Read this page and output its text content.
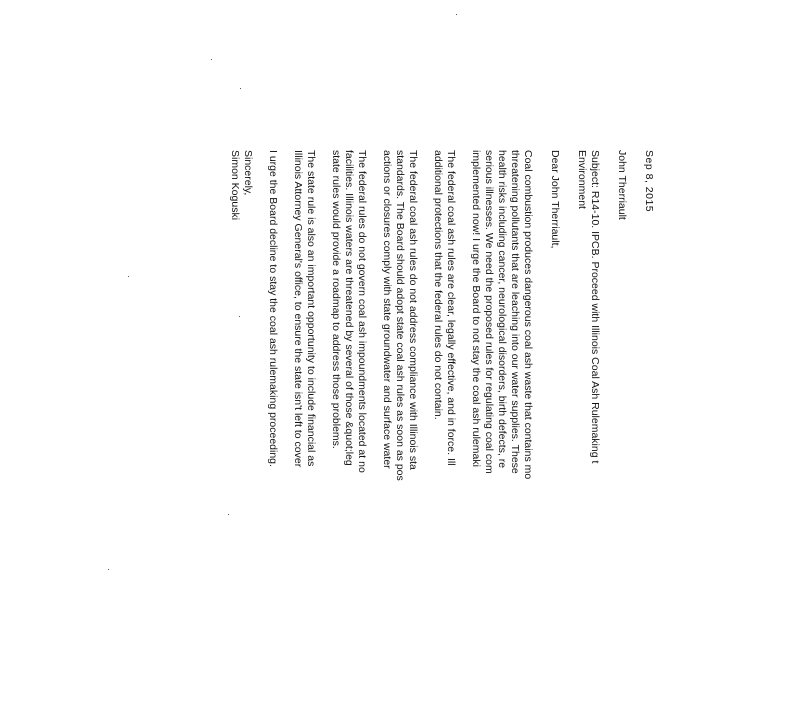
Sep 8, 2015

John Therriault

Subject: R14-10. IPCB. Proceed with Illinois Coal Ash Rulemaking t

Environment

Dear John Therriault,

Coal combustion produces dangerous coal ash waste that contains mo

threatening pollutants that are leaching into our water supplies. These

health risks including cancer, neurological disorders, birth defects, re

serious illnesses. We need the proposed rules for regulating coal com

implemented now! I urge the Board to not stay the coal ash rulemaki

The federal coal ash rules are clear, legally effective, and in force. Ill

additional protections that the federal rules do not contain.

The federal coal ash rules do not address compliance with Illinois sta

standards. The Board should adopt state coal ash rules as soon as pos

actions or closures comply with state groundwater and surface water

The federal rules do not govern coal ash impoundments located at no

facilities. Illinois waters are threatened by several of those &quot;leg

state rules would provide a roadmap to address those problems.

The state rule is also an important opportunity to include financial as

Illinois Attorney General's office, to ensure the state isn't left to cover

I urge the Board decline to stay the coal ash rulemaking proceeding.

Sincerely,

Simon Koguski
